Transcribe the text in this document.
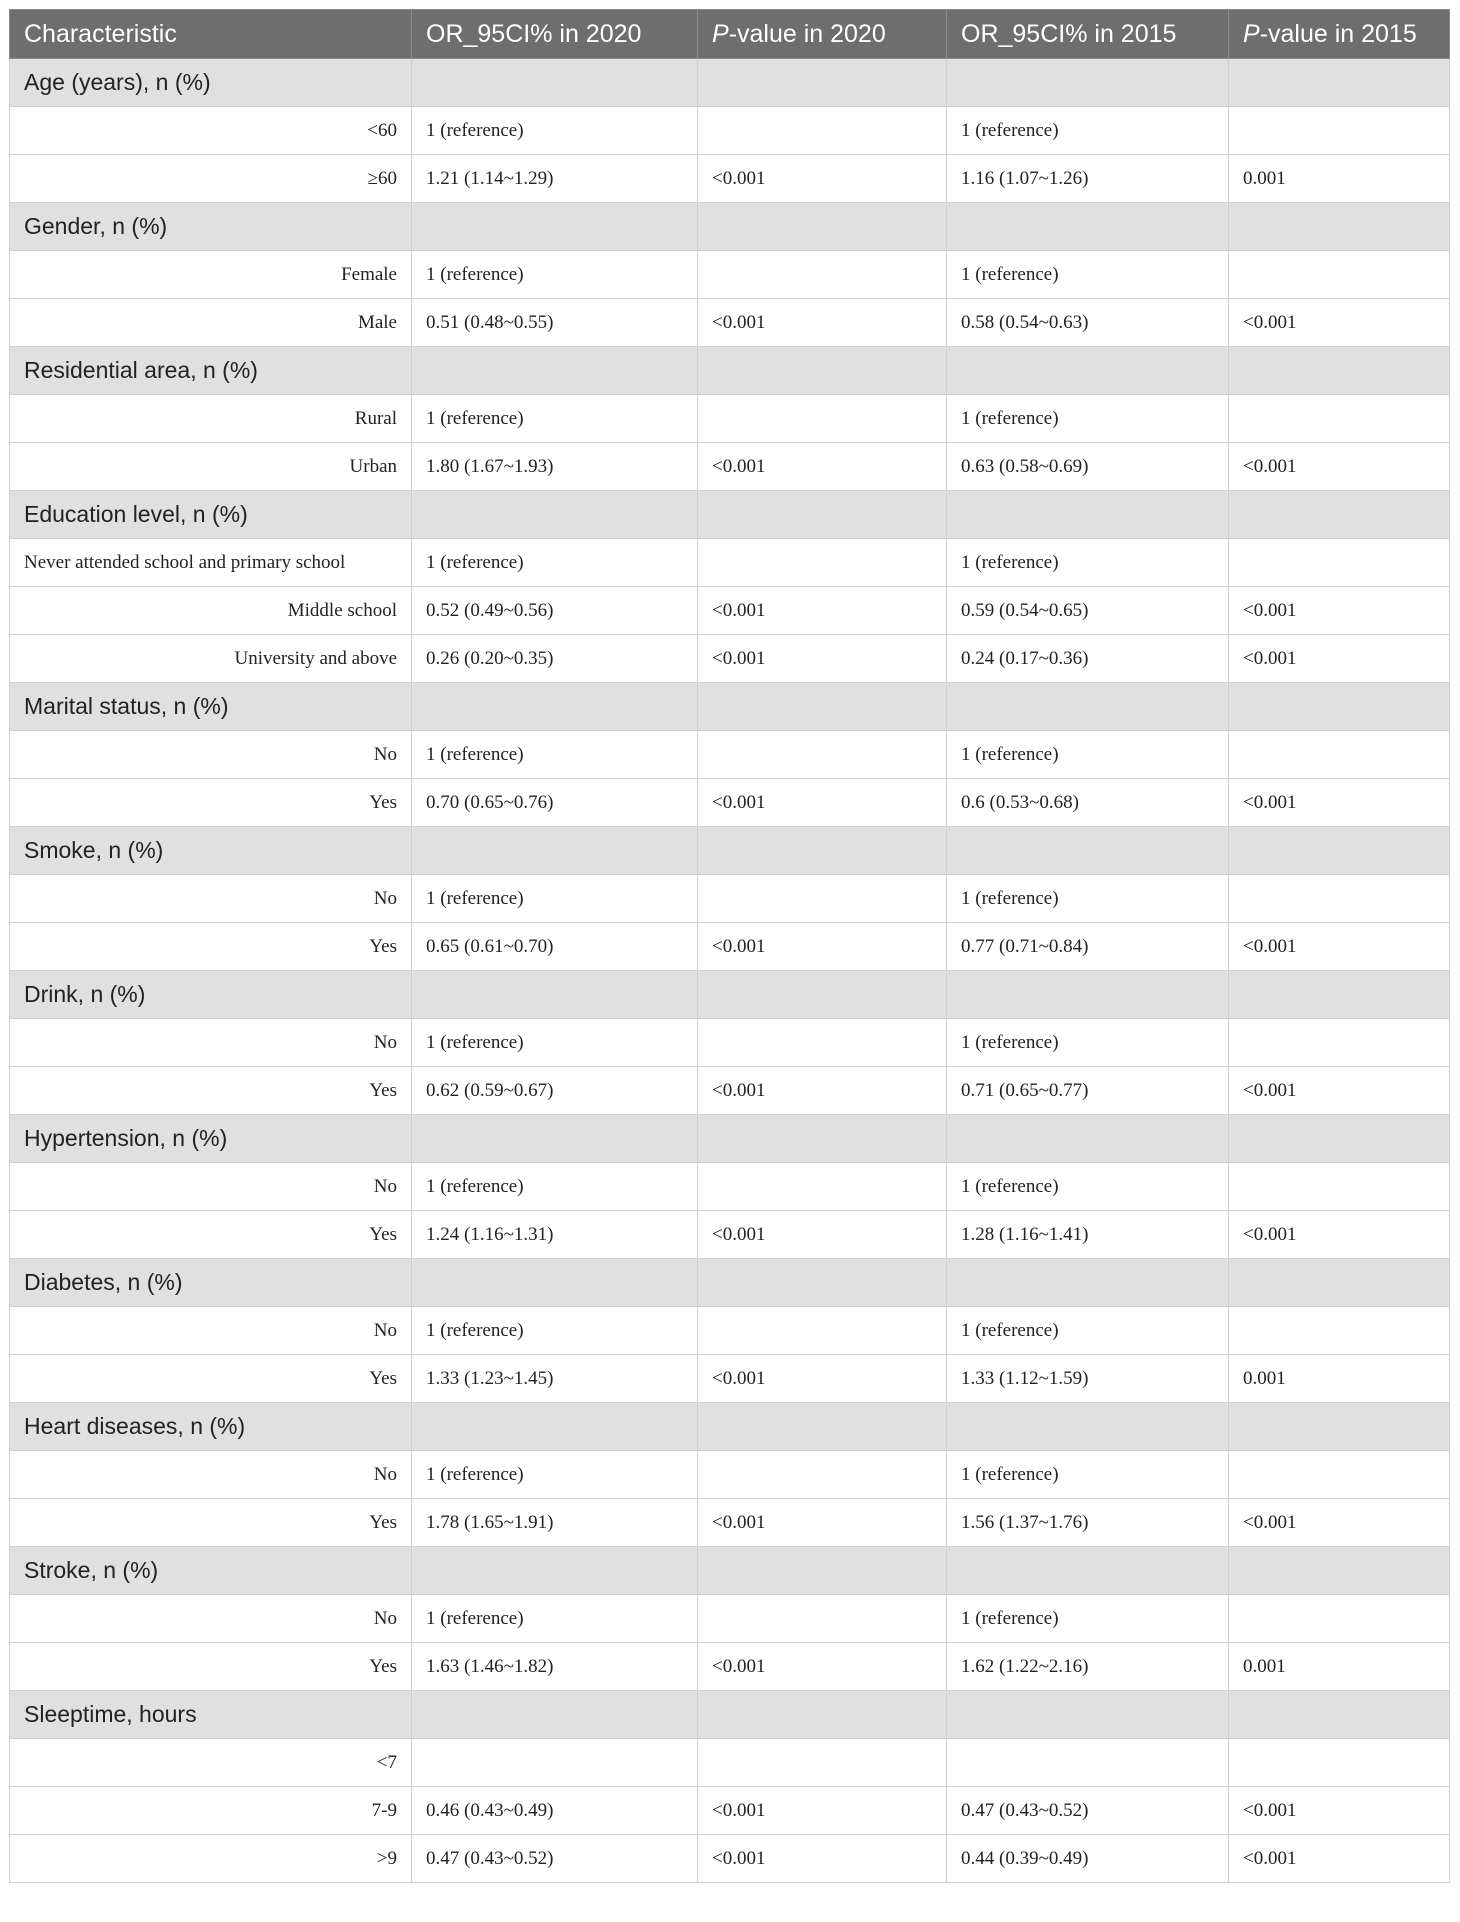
Characteristic	OR_95CI% in 2020	P-value in 2020	OR_95CI% in 2015	P-value in 2015
Age (years), n (%)				
<60	1 (reference)		1 (reference)	
≥60	1.21 (1.14~1.29)	<0.001	1.16 (1.07~1.26)	0.001
Gender, n (%)				
Female	1 (reference)		1 (reference)	
Male	0.51 (0.48~0.55)	<0.001	0.58 (0.54~0.63)	<0.001
Residential area, n (%)				
Rural	1 (reference)		1 (reference)	
Urban	1.80 (1.67~1.93)	<0.001	0.63 (0.58~0.69)	<0.001
Education level, n (%)				
Never attended school and primary school	1 (reference)		1 (reference)	
Middle school	0.52 (0.49~0.56)	<0.001	0.59 (0.54~0.65)	<0.001
University and above	0.26 (0.20~0.35)	<0.001	0.24 (0.17~0.36)	<0.001
Marital status, n (%)				
No	1 (reference)		1 (reference)	
Yes	0.70 (0.65~0.76)	<0.001	0.6 (0.53~0.68)	<0.001
Smoke, n (%)				
No	1 (reference)		1 (reference)	
Yes	0.65 (0.61~0.70)	<0.001	0.77 (0.71~0.84)	<0.001
Drink, n (%)				
No	1 (reference)		1 (reference)	
Yes	0.62 (0.59~0.67)	<0.001	0.71 (0.65~0.77)	<0.001
Hypertension, n (%)				
No	1 (reference)		1 (reference)	
Yes	1.24 (1.16~1.31)	<0.001	1.28 (1.16~1.41)	<0.001
Diabetes, n (%)				
No	1 (reference)		1 (reference)	
Yes	1.33 (1.23~1.45)	<0.001	1.33 (1.12~1.59)	0.001
Heart diseases, n (%)				
No	1 (reference)		1 (reference)	
Yes	1.78 (1.65~1.91)	<0.001	1.56 (1.37~1.76)	<0.001
Stroke, n (%)				
No	1 (reference)		1 (reference)	
Yes	1.63 (1.46~1.82)	<0.001	1.62 (1.22~2.16)	0.001
Sleeptime, hours				
<7				
7-9	0.46 (0.43~0.49)	<0.001	0.47 (0.43~0.52)	<0.001
>9	0.47 (0.43~0.52)	<0.001	0.44 (0.39~0.49)	<0.001
